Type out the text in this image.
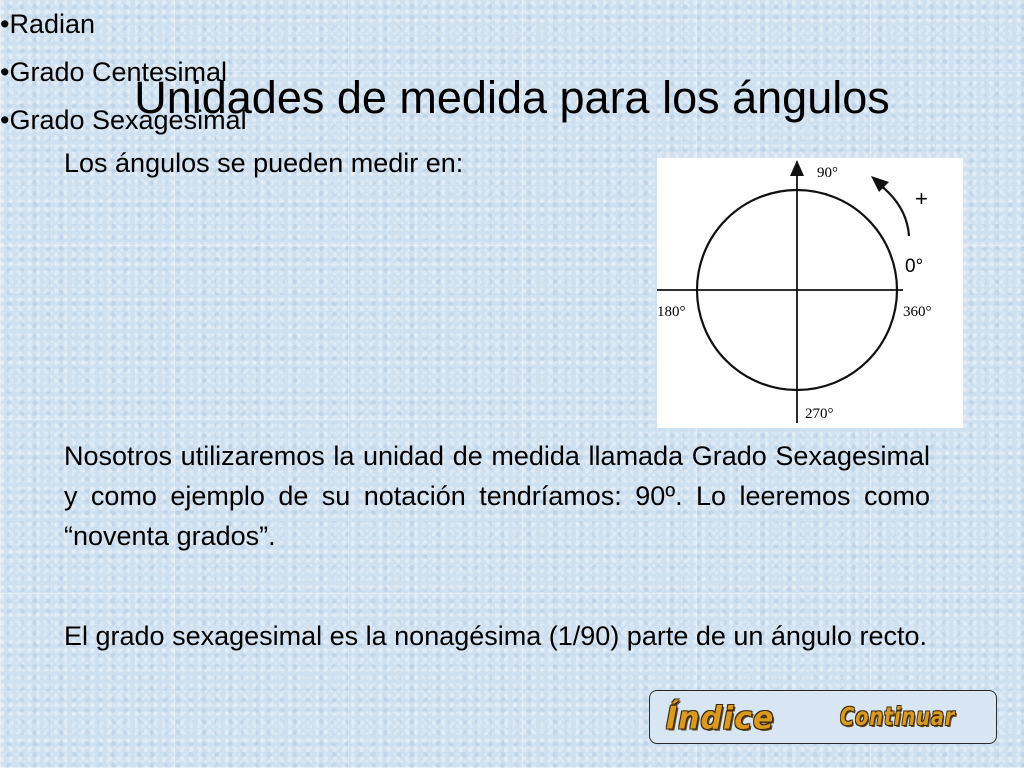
Unidades de medida para los ángulos
Los ángulos se pueden medir en:
•Radian
•Grado Centesimal
•Grado Sexagesimal
90°
180°	360°
270°
0°
+
Nosotros utilizaremos la unidad de medida llamada Grado Sexagesimal y como ejemplo de su notación tendríamos: 90º. Lo leeremos como “noventa grados”.
El grado sexagesimal es la nonagésima (1/90) parte de un ángulo recto.
Índice	Continuar
